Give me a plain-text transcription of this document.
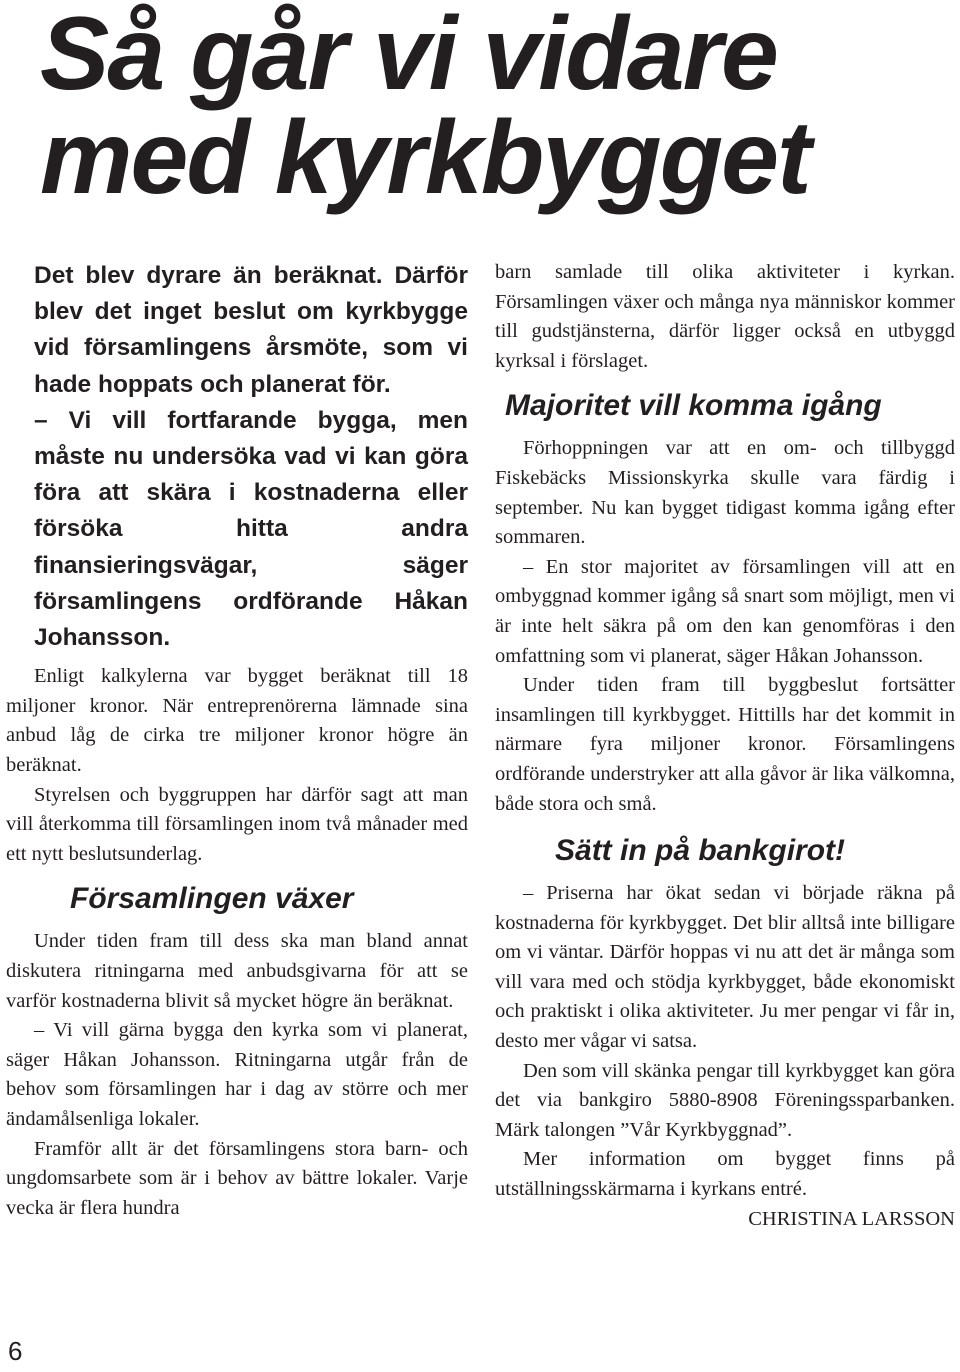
Så går vi vidare
med kyrkbygget

Det blev dyrare än beräknat. Därför blev det inget beslut om kyrkbygge vid församlingens årsmöte, som vi hade hoppats och planerat för.

– Vi vill fortfarande bygga, men måste nu undersöka vad vi kan göra föra att skära i kostnaderna eller försöka hitta andra finansieringsvägar, säger församlingens ordförande Håkan Johansson.

Enligt kalkylerna var bygget beräknat till 18 miljoner kronor. När entreprenörerna lämnade sina anbud låg de cirka tre miljoner kronor högre än beräknat.

Styrelsen och byggruppen har därför sagt att man vill återkomma till församlingen inom två månader med ett nytt beslutsunderlag.

Församlingen växer

Under tiden fram till dess ska man bland annat diskutera ritningarna med anbudsgivarna för att se varför kostnaderna blivit så mycket högre än beräknat.

– Vi vill gärna bygga den kyrka som vi planerat, säger Håkan Johansson. Ritningarna utgår från de behov som församlingen har i dag av större och mer ändamålsenliga lokaler.

Framför allt är det församlingens stora barn- och ungdomsarbete som är i behov av bättre lokaler. Varje vecka är flera hundra

barn samlade till olika aktiviteter i kyrkan. Församlingen växer och många nya människor kommer till gudstjänsterna, därför ligger också en utbyggd kyrksal i förslaget.

Majoritet vill komma igång

Förhoppningen var att en om- och tillbyggd Fiskebäcks Missionskyrka skulle vara färdig i september. Nu kan bygget tidigast komma igång efter sommaren.

– En stor majoritet av församlingen vill att en ombyggnad kommer igång så snart som möjligt, men vi är inte helt säkra på om den kan genomföras i den omfattning som vi planerat, säger Håkan Johansson.

Under tiden fram till byggbeslut fortsätter insamlingen till kyrkbygget. Hittills har det kommit in närmare fyra miljoner kronor. Församlingens ordförande understryker att alla gåvor är lika välkomna, både stora och små.

Sätt in på bankgirot!

– Priserna har ökat sedan vi började räkna på kostnaderna för kyrkbygget. Det blir alltså inte billigare om vi väntar. Därför hoppas vi nu att det är många som vill vara med och stödja kyrkbygget, både ekonomiskt och praktiskt i olika aktiviteter. Ju mer pengar vi får in, desto mer vågar vi satsa.

Den som vill skänka pengar till kyrkbygget kan göra det via bankgiro 5880-8908 Föreningssparbanken. Märk talongen ”Vår Kyrkbyggnad”.

Mer information om bygget finns på utställningsskärmarna i kyrkans entré.

CHRISTINA LARSSON

6
